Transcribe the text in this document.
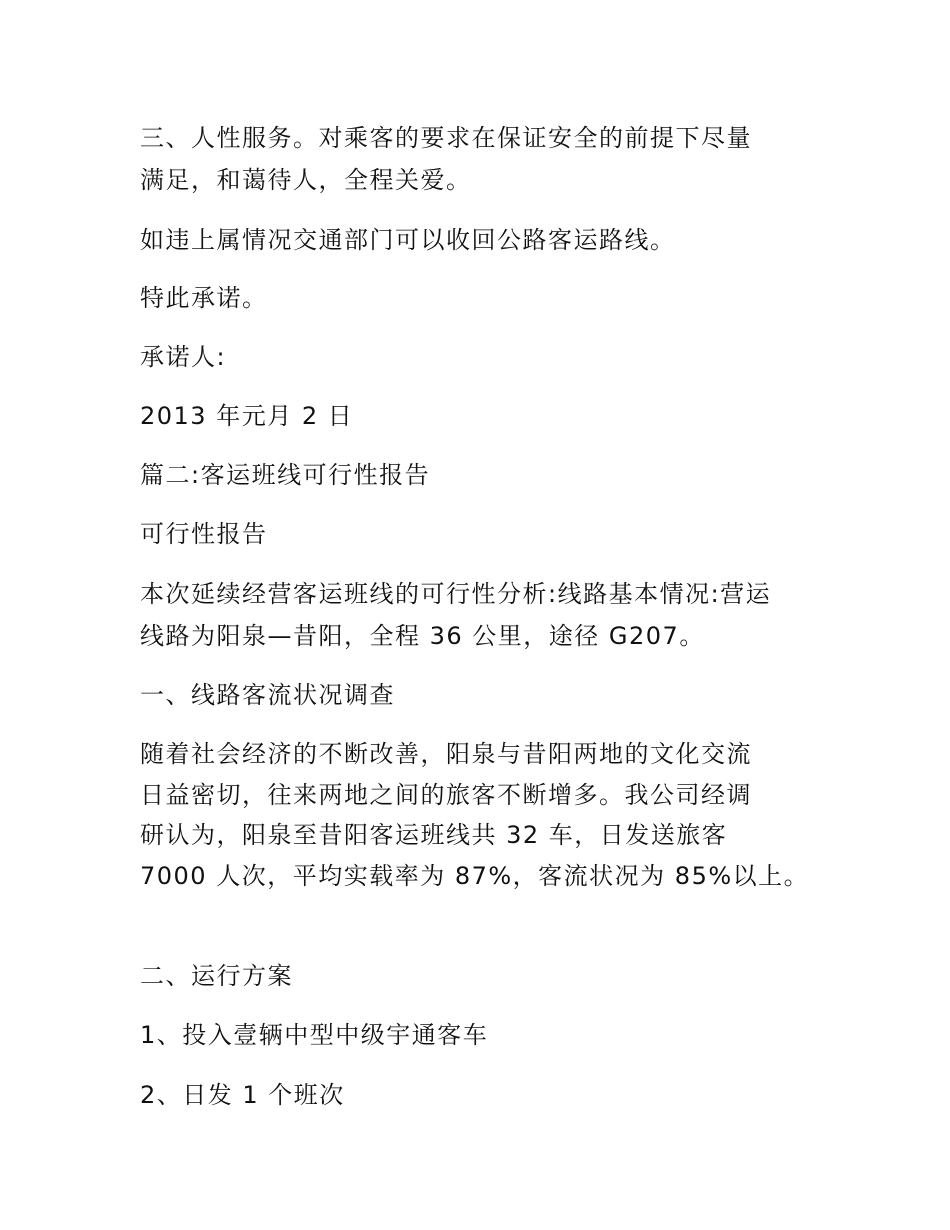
三、人性服务。对乘客的要求在保证安全的前提下尽量

满足，和蔼待人，全程关爱。

如违上属情况交通部门可以收回公路客运路线。

特此承诺。

承诺人:

2013 年元月 2 日

篇二:客运班线可行性报告

可行性报告

本次延续经营客运班线的可行性分析:线路基本情况:营运

线路为阳泉—昔阳，全程 36 公里，途径 G207。

一、线路客流状况调查

随着社会经济的不断改善，阳泉与昔阳两地的文化交流

日益密切，往来两地之间的旅客不断增多。我公司经调

研认为，阳泉至昔阳客运班线共 32 车，日发送旅客

7000 人次，平均实载率为 87%，客流状况为 85%以上。

二、运行方案

1、投入壹辆中型中级宇通客车

2、日发 1 个班次
